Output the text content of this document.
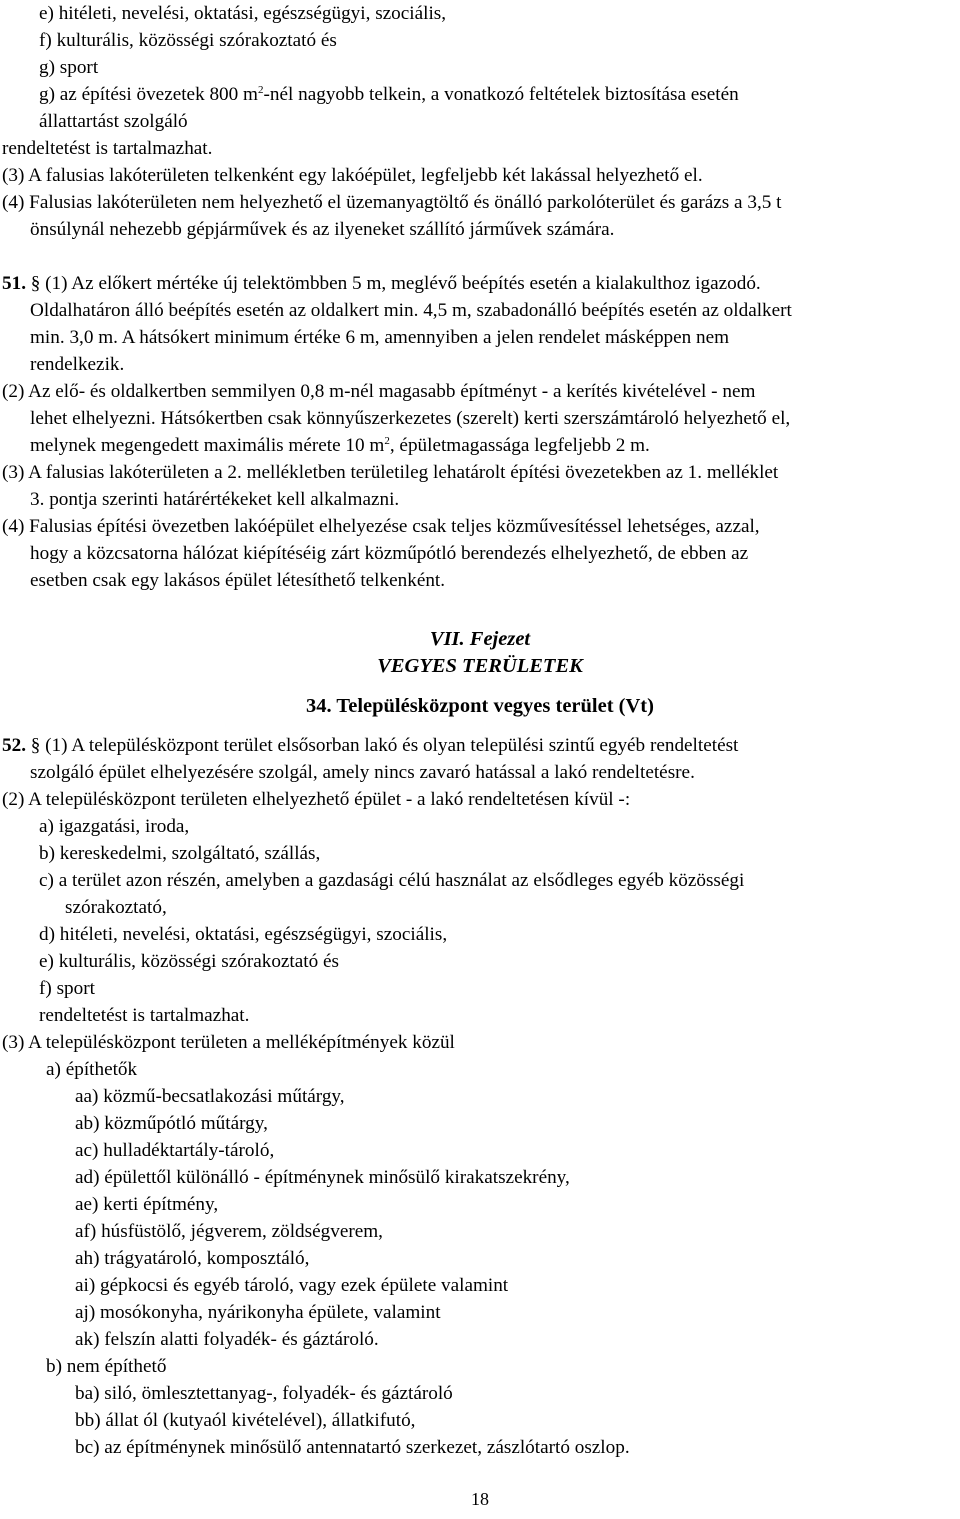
e) hitéleti, nevelési, oktatási, egészségügyi, szociális,
f) kulturális, közösségi szórakoztató és
g) sport
g) az építési övezetek 800 $m^2$-nél nagyobb telkein, a vonatkozó feltételek biztosítása esetén
állattartást szolgáló
rendeltetést is tartalmazhat.
(3) A falusias lakóterületen telkenként egy lakóépület, legfeljebb két lakással helyezhető el.
(4) Falusias lakóterületen nem helyezhető el üzemanyagtöltő és önálló parkolóterület és garázs a 3,5 t
önsúlynál nehezebb gépjárművek és az ilyeneket szállító járművek számára.
51. § (1) Az előkert mértéke új telektömbben 5 m, meglévő beépítés esetén a kialakulthoz igazodó.
Oldalhatáron álló beépítés esetén az oldalkert min. 4,5 m, szabadonálló beépítés esetén az oldalkert
min. 3,0 m. A hátsókert minimum értéke 6 m, amennyiben a jelen rendelet másképpen nem
rendelkezik.
(2) Az elő- és oldalkertben semmilyen 0,8 m-nél magasabb építményt - a kerítés kivételével - nem
lehet elhelyezni. Hátsókertben csak könnyűszerkezetes (szerelt) kerti szerszámtároló helyezhető el,
melynek megengedett maximális mérete 10 $m^2$, épületmagassága legfeljebb 2 m.
(3) A falusias lakóterületen a 2. mellékletben területileg lehatárolt építési övezetekben az 1. melléklet
3. pontja szerinti határértékeket kell alkalmazni.
(4) Falusias építési övezetben lakóépület elhelyezése csak teljes közművesítéssel lehetséges, azzal,
hogy a közcsatorna hálózat kiépítéséig zárt közműpótló berendezés elhelyezhető, de ebben az
esetben csak egy lakásos épület létesíthető telkenként.
VII. Fejezet
VEGYES TERÜLETEK
34. Településközpont vegyes terület (Vt)
52. § (1) A településközpont terület elsősorban lakó és olyan települési szintű egyéb rendeltetést
szolgáló épület elhelyezésére szolgál, amely nincs zavaró hatással a lakó rendeltetésre.
(2) A településközpont területen elhelyezhető épület - a lakó rendeltetésen kívül -:
a) igazgatási, iroda,
b) kereskedelmi, szolgáltató, szállás,
c) a terület azon részén, amelyben a gazdasági célú használat az elsődleges egyéb közösségi
szórakoztató,
d) hitéleti, nevelési, oktatási, egészségügyi, szociális,
e) kulturális, közösségi szórakoztató és
f) sport
rendeltetést is tartalmazhat.
(3) A településközpont területen a melléképítmények közül
a) építhetők
aa) közmű-becsatlakozási műtárgy,
ab) közműpótló műtárgy,
ac) hulladéktartály-tároló,
ad) épülettől különálló - építménynek minősülő kirakatszekrény,
ae) kerti építmény,
af) húsfüstölő, jégverem, zöldségverem,
ah) trágyatároló, komposztáló,
ai) gépkocsi és egyéb tároló, vagy ezek épülete valamint
aj) mosókonyha, nyárikonyha épülete, valamint
ak) felszín alatti folyadék- és gáztároló.
b) nem építhető
ba) siló, ömlesztettanyag-, folyadék- és gáztároló
bb) állat ól (kutyaól kivételével), állatkifutó,
bc) az építménynek minősülő antennatartó szerkezet, zászlótartó oszlop.
18
